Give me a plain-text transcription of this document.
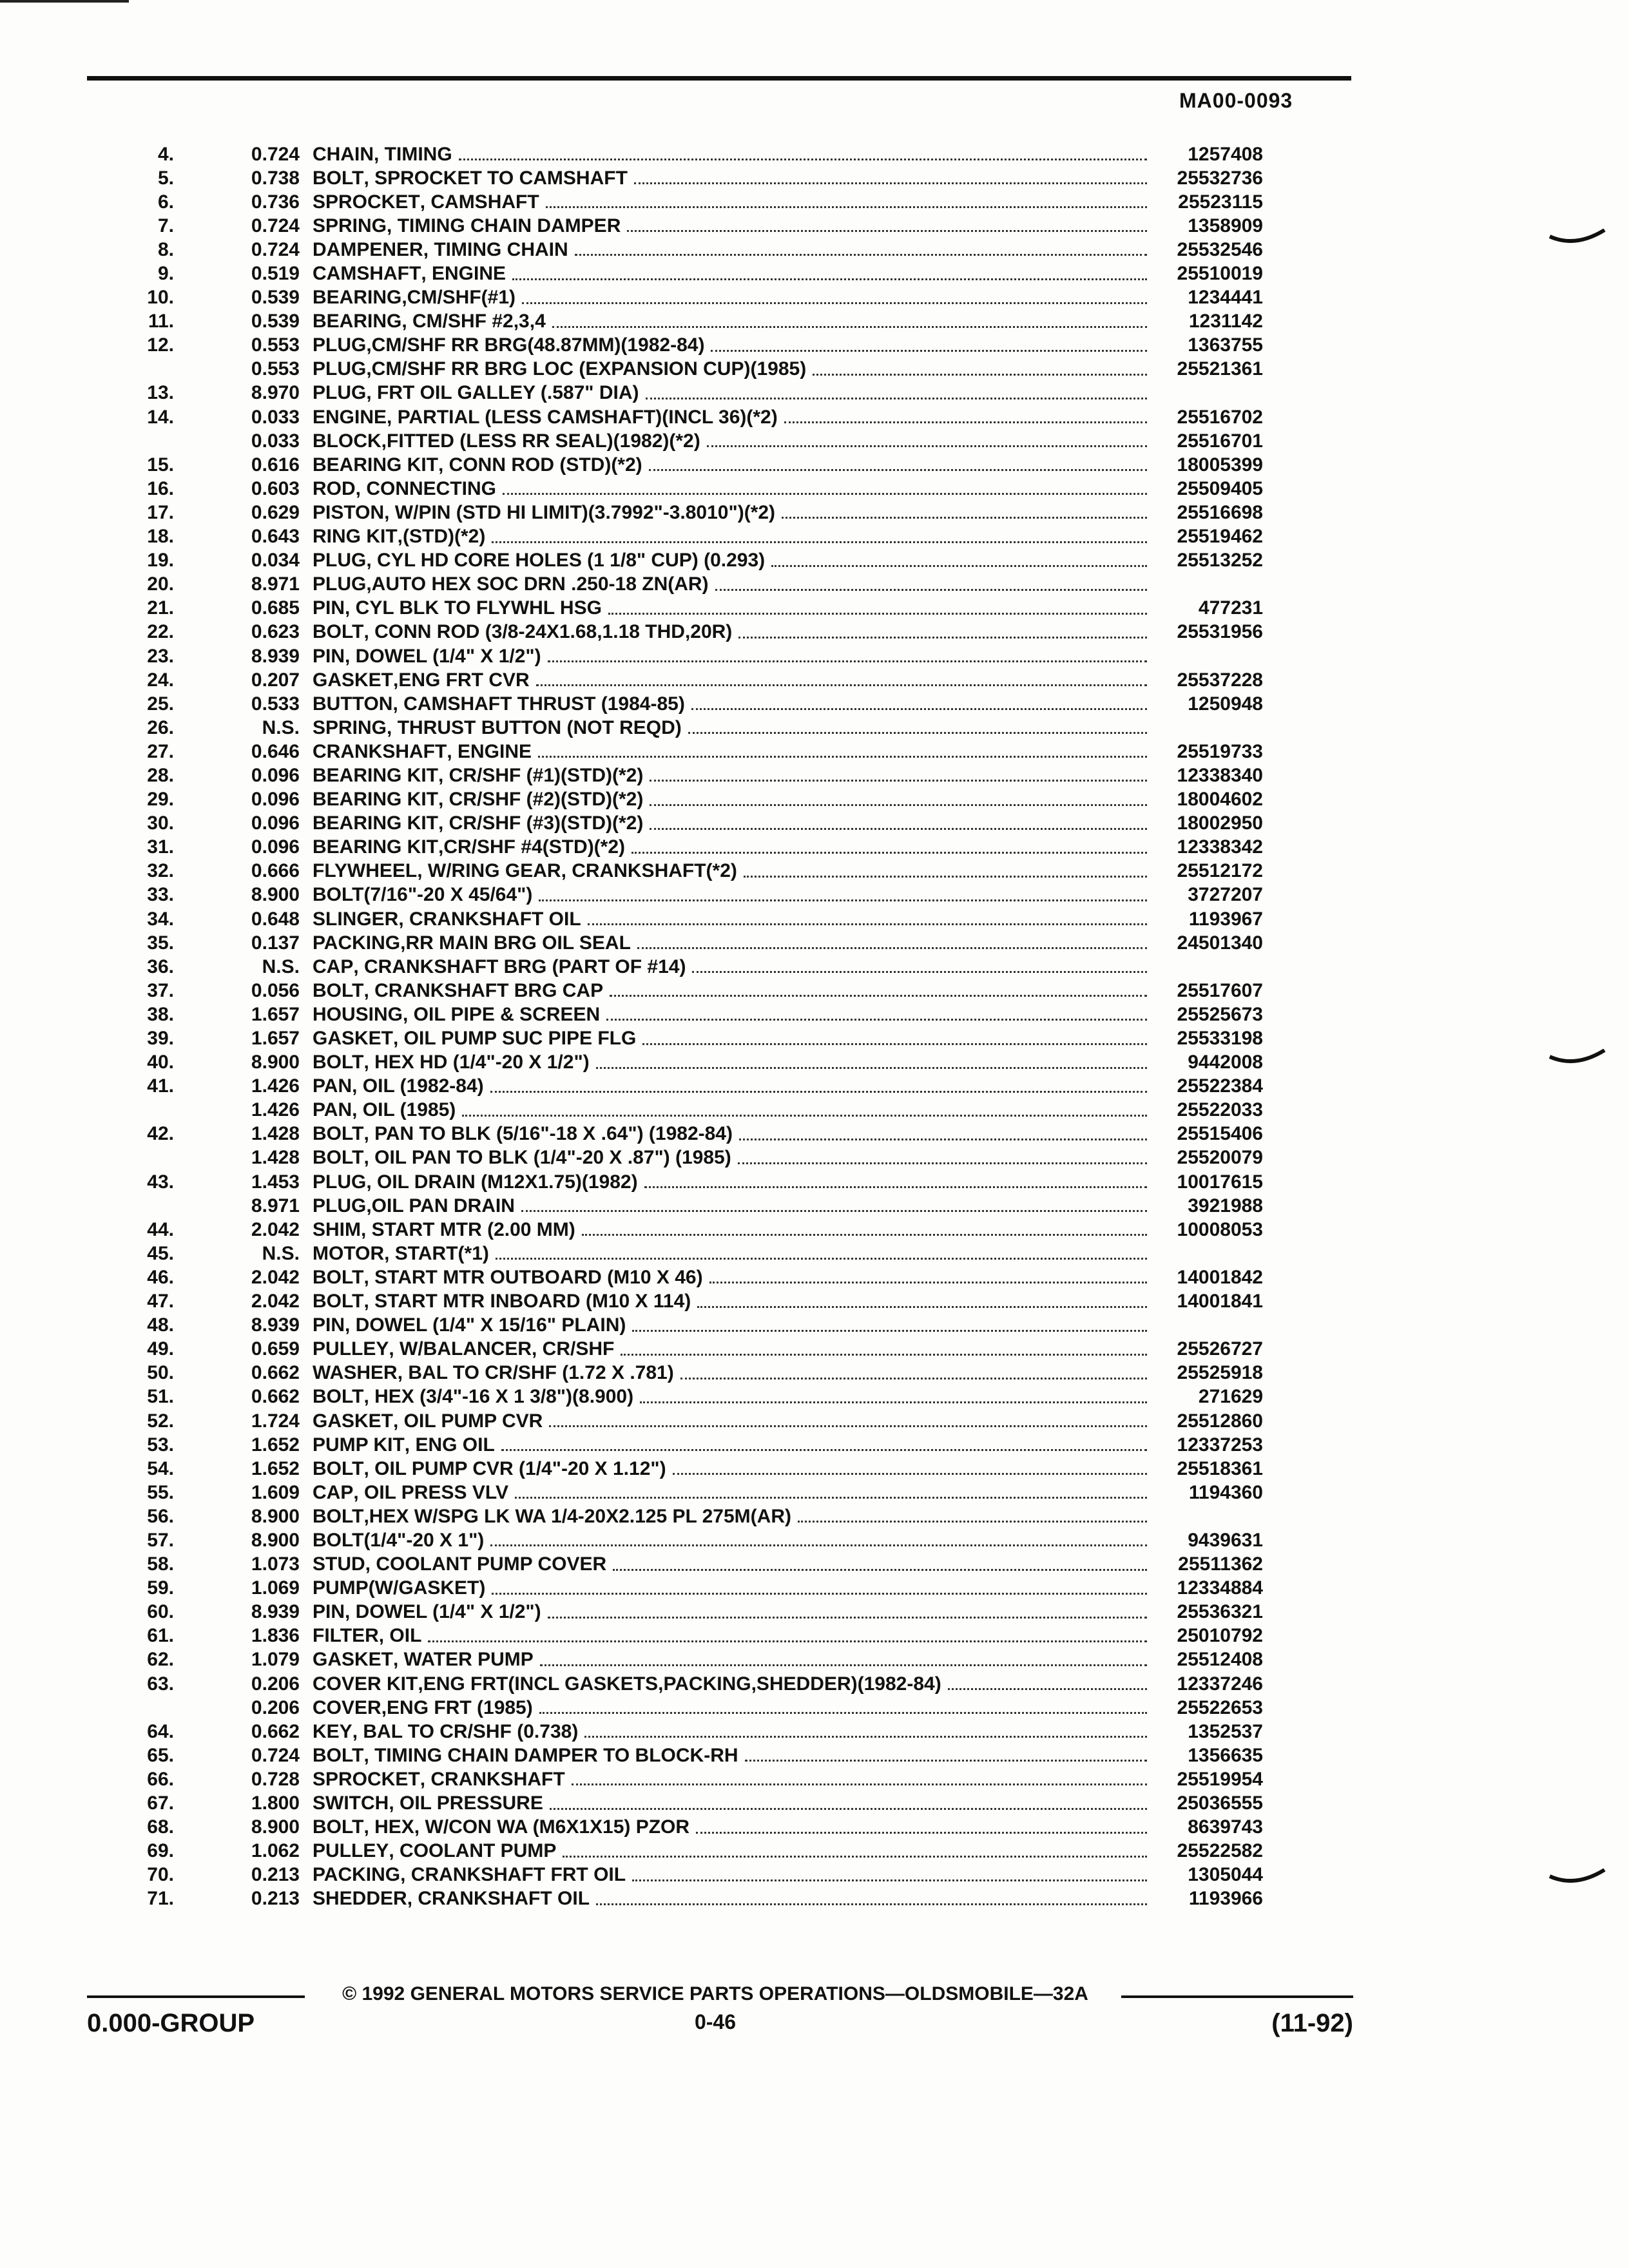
MA00-0093
4.	0.724 CHAIN , TIMING	1257408
5.	0.738 BOLT , SPROCKET TO CAMSHAFT	25532736
6.	0.736 SPROCKET , CAMSHAFT	25523115
7.	0.724 SPRING , TIMING CHAIN DAMPER	1358909
8.	0.724 DAMPENER , TIMING CHAIN	25532546
9.	0.519 CAMSHAFT , ENGINE	25510019
10.	0.539 BEARING ,CM/SHF(#1)	1234441
11.	0.539 BEARING , CM/SHF #2,3,4	1231142
12.	0.553 PLUG ,CM/SHF RR BRG(48.87MM)(1982-84)	1363755
0.553 PLUG ,CM/SHF RR BRG LOC (EXPANSION CUP)(1985)	25521361
13.	8.970 PLUG , FRT OIL GALLEY (.587" DIA)
14.	0.033 ENGINE , PARTIAL (LESS CAMSHAFT)(INCL 36)(*2)	25516702
0.033 BLOCK ,FITTED (LESS RR SEAL)(1982)(*2)	25516701
15.	0.616 BEARING KIT , CONN ROD (STD)(*2)	18005399
16.	0.603 ROD , CONNECTING	25509405
17.	0.629 PISTON , W/PIN (STD HI LIMIT)(3.7992"-3.8010")(*2)	25516698
18.	0.643 RING KIT ,(STD)(*2)	25519462
19.	0.034 PLUG , CYL HD CORE HOLES (1 1/8" CUP) (0.293)	25513252
20.	8.971 PLUG ,AUTO HEX SOC DRN .250-18 ZN(AR)
21.	0.685 PIN , CYL BLK TO FLYWHL HSG	477231
22.	0.623 BOLT , CONN ROD (3/8-24X1.68,1.18 THD,20R)	25531956
23.	8.939 PIN , DOWEL (1/4" X 1/2")
24.	0.207 GASKET ,ENG FRT CVR	25537228
25.	0.533 BUTTON , CAMSHAFT THRUST (1984-85)	1250948
26.	N.S. SPRING , THRUST BUTTON (NOT REQD)
27.	0.646 CRANKSHAFT , ENGINE	25519733
28.	0.096 BEARING KIT , CR/SHF (#1)(STD)(*2)	12338340
29.	0.096 BEARING KIT , CR/SHF (#2)(STD)(*2)	18004602
30.	0.096 BEARING KIT , CR/SHF (#3)(STD)(*2)	18002950
31.	0.096 BEARING KIT ,CR/SHF #4(STD)(*2)	12338342
32.	0.666 FLYWHEEL , W/RING GEAR, CRANKSHAFT(*2)	25512172
33.	8.900 BOLT (7/16"-20 X 45/64")	3727207
34.	0.648 SLINGER , CRANKSHAFT OIL	1193967
35.	0.137 PACKING ,RR MAIN BRG OIL SEAL	24501340
36.	N.S. CAP , CRANKSHAFT BRG (PART OF #14)
37.	0.056 BOLT , CRANKSHAFT BRG CAP	25517607
38.	1.657 HOUSING , OIL PIPE & SCREEN	25525673
39.	1.657 GASKET , OIL PUMP SUC PIPE FLG	25533198
40.	8.900 BOLT , HEX HD (1/4"-20 X 1/2")	9442008
41.	1.426 PAN , OIL (1982-84)	25522384
1.426 PAN , OIL (1985)	25522033
42.	1.428 BOLT , PAN TO BLK (5/16"-18 X .64") (1982-84)	25515406
1.428 BOLT , OIL PAN TO BLK (1/4"-20 X .87") (1985)	25520079
43.	1.453 PLUG , OIL DRAIN (M12X1.75)(1982)	10017615
8.971 PLUG ,OIL PAN DRAIN	3921988
44.	2.042 SHIM , START MTR (2.00 MM)	10008053
45.	N.S. MOTOR , START(*1)
46.	2.042 BOLT , START MTR OUTBOARD (M10 X 46)	14001842
47.	2.042 BOLT , START MTR INBOARD (M10 X 114)	14001841
48.	8.939 PIN , DOWEL (1/4" X 15/16" PLAIN)
49.	0.659 PULLEY , W/BALANCER, CR/SHF	25526727
50.	0.662 WASHER , BAL TO CR/SHF (1.72 X .781)	25525918
51.	0.662 BOLT , HEX (3/4"-16 X 1 3/8")(8.900)	271629
52.	1.724 GASKET , OIL PUMP CVR	25512860
53.	1.652 PUMP KIT , ENG OIL	12337253
54.	1.652 BOLT , OIL PUMP CVR (1/4"-20 X 1.12")	25518361
55.	1.609 CAP , OIL PRESS VLV	1194360
56.	8.900 BOLT ,HEX W/SPG LK WA 1/4-20X2.125 PL 275M(AR)
57.	8.900 BOLT (1/4"-20 X 1")	9439631
58.	1.073 STUD , COOLANT PUMP COVER	25511362
59.	1.069 PUMP (W/GASKET)	12334884
60.	8.939 PIN , DOWEL (1/4" X 1/2")	25536321
61.	1.836 FILTER , OIL	25010792
62.	1.079 GASKET , WATER PUMP	25512408
63.	0.206 COVER KIT ,ENG FRT(INCL GASKETS,PACKING,SHEDDER)(1982-84)	12337246
0.206 COVER ,ENG FRT (1985)	25522653
64.	0.662 KEY , BAL TO CR/SHF (0.738)	1352537
65.	0.724 BOLT , TIMING CHAIN DAMPER TO BLOCK-RH	1356635
66.	0.728 SPROCKET , CRANKSHAFT	25519954
67.	1.800 SWITCH , OIL PRESSURE	25036555
68.	8.900 BOLT , HEX, W/CON WA (M6X1X15) PZOR	8639743
69.	1.062 PULLEY , COOLANT PUMP	25522582
70.	0.213 PACKING , CRANKSHAFT FRT OIL	1305044
71.	0.213 SHEDDER , CRANKSHAFT OIL	1193966
© 1992 GENERAL MOTORS SERVICE PARTS OPERATIONS—OLDSMOBILE—32A
0.000-GROUP	0-46	(11-92)
